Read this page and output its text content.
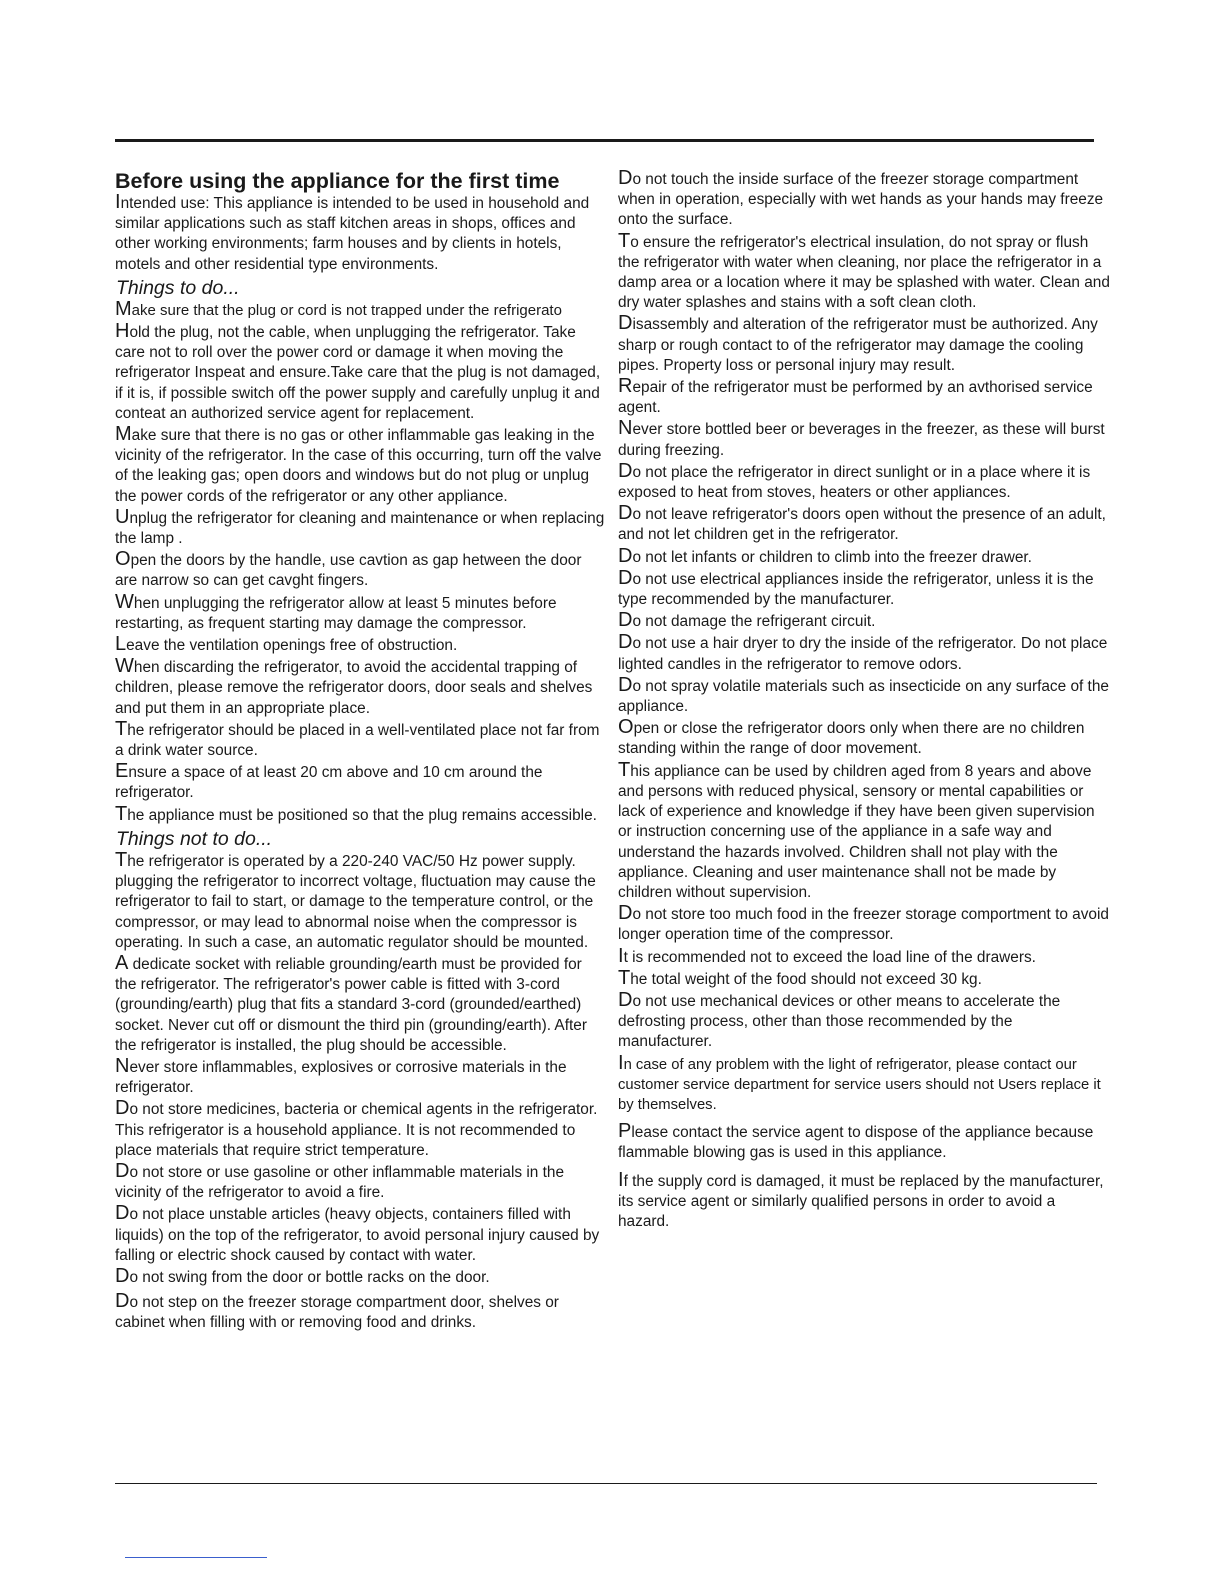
Before using the appliance for the first time

Intended use: This appliance is intended to be used in household and similar applications such as staff kitchen areas in shops, offices and other working environments; farm houses and by clients in hotels, motels and other residential type environments.

Things to do...

Make sure that the plug or cord is not trapped under the refrigerato

Hold the plug, not the cable, when unplugging the refrigerator. Take care not to roll over the power cord or damage it when moving the refrigerator Inspeat and ensure.Take care that the plug is not damaged, if it is, if possible switch off the power supply and carefully unplug it and conteat an authorized service agent for replacement.

Make sure that there is no gas or other inflammable gas leaking in the vicinity of the refrigerator. In the case of this occurring, turn off the valve of the leaking gas; open doors and windows but do not plug or unplug the power cords of the refrigerator or any other appliance.

Unplug the refrigerator for cleaning and maintenance or when replacing the lamp .

Open the doors by the handle, use cavtion as gap hetween the door are narrow so can get cavght fingers.

When unplugging the refrigerator allow at least 5 minutes before restarting, as frequent starting may damage the compressor.

Leave the ventilation openings free of obstruction.

When discarding the refrigerator, to avoid the accidental trapping of children, please remove the refrigerator doors, door seals and shelves and put them in an appropriate place.

The refrigerator should be placed in a well-ventilated place not far from a drink water source.

Ensure a space of at least 20 cm above and 10 cm around the refrigerator.

The appliance must be positioned so that the plug remains accessible.

Things not to do...

The refrigerator is operated by a 220-240 VAC/50 Hz power supply. plugging the refrigerator to incorrect voltage, fluctuation may cause the refrigerator to fail to start, or damage to the temperature control, or the compressor, or may lead to abnormal noise when the compressor is operating. In such a case, an automatic regulator should be mounted.

A dedicate socket with reliable grounding/earth must be provided for the refrigerator. The refrigerator's power cable is fitted with 3-cord (grounding/earth) plug that fits a standard 3-cord (grounded/earthed) socket. Never cut off or dismount the third pin (grounding/earth). After the refrigerator is installed, the plug should be accessible.

Never store inflammables, explosives or corrosive materials in the refrigerator.

Do not store medicines, bacteria or chemical agents in the refrigerator. This refrigerator is a household appliance. It is not recommended to place materials that require strict temperature.

Do not store or use gasoline or other inflammable materials in the vicinity of the refrigerator to avoid a fire.

Do not place unstable articles (heavy objects, containers filled with liquids) on the top of the refrigerator, to avoid personal injury caused by falling or electric shock caused by contact with water.

Do not swing from the door or bottle racks on the door.

Do not step on the freezer storage compartment door, shelves or cabinet when filling with or removing food and drinks.

Do not touch the inside surface of the freezer storage compartment when in operation, especially with wet hands as your hands may freeze onto the surface.

To ensure the refrigerator's electrical insulation, do not spray or flush the refrigerator with water when cleaning, nor place the refrigerator in a damp area or a location where it may be splashed with water. Clean and dry water splashes and stains with a soft clean cloth.

Disassembly and alteration of the refrigerator must be authorized. Any sharp or rough contact to of the refrigerator may damage the cooling pipes. Property loss or personal injury may result.

Repair of the refrigerator must be performed by an avthorised service agent.

Never store bottled beer or beverages in the freezer, as these will burst during freezing.

Do not place the refrigerator in direct sunlight or in a place where it is exposed to heat from stoves, heaters or other appliances.

Do not leave refrigerator's doors open without the presence of an adult, and not let children get in the refrigerator.

Do not let infants or children to climb into the freezer drawer.

Do not use electrical appliances inside the refrigerator, unless it is the type recommended by the manufacturer.

Do not damage the refrigerant circuit.

Do not use a hair dryer to dry the inside of the refrigerator. Do not place lighted candles in the refrigerator to remove odors.

Do not spray volatile materials such as insecticide on any surface of the appliance.

Open or close the refrigerator doors only when there are no children standing within the range of door movement.

This appliance can be used by children aged from 8 years and above and persons with reduced physical, sensory or mental capabilities or lack of experience and knowledge if they have been given supervision or instruction concerning use of the appliance in a safe way and understand the hazards involved. Children shall not play with the appliance. Cleaning and user maintenance shall not be made by children without supervision.

Do not store too much food in the freezer storage comportment to avoid longer operation time of the compressor.

It is recommended not to exceed the load line of the drawers.

The total weight of the food should not exceed 30 kg.

Do not use mechanical devices or other means to accelerate the defrosting process, other than those recommended by the manufacturer.

In case of any problem with the light of refrigerator, please contact our customer service department for service users should not Users replace it by themselves.

Please contact the service agent to dispose of the appliance because flammable blowing gas is used in this appliance.

If the supply cord is damaged, it must be replaced by the manufacturer, its service agent or similarly qualified persons in order to avoid a hazard.
